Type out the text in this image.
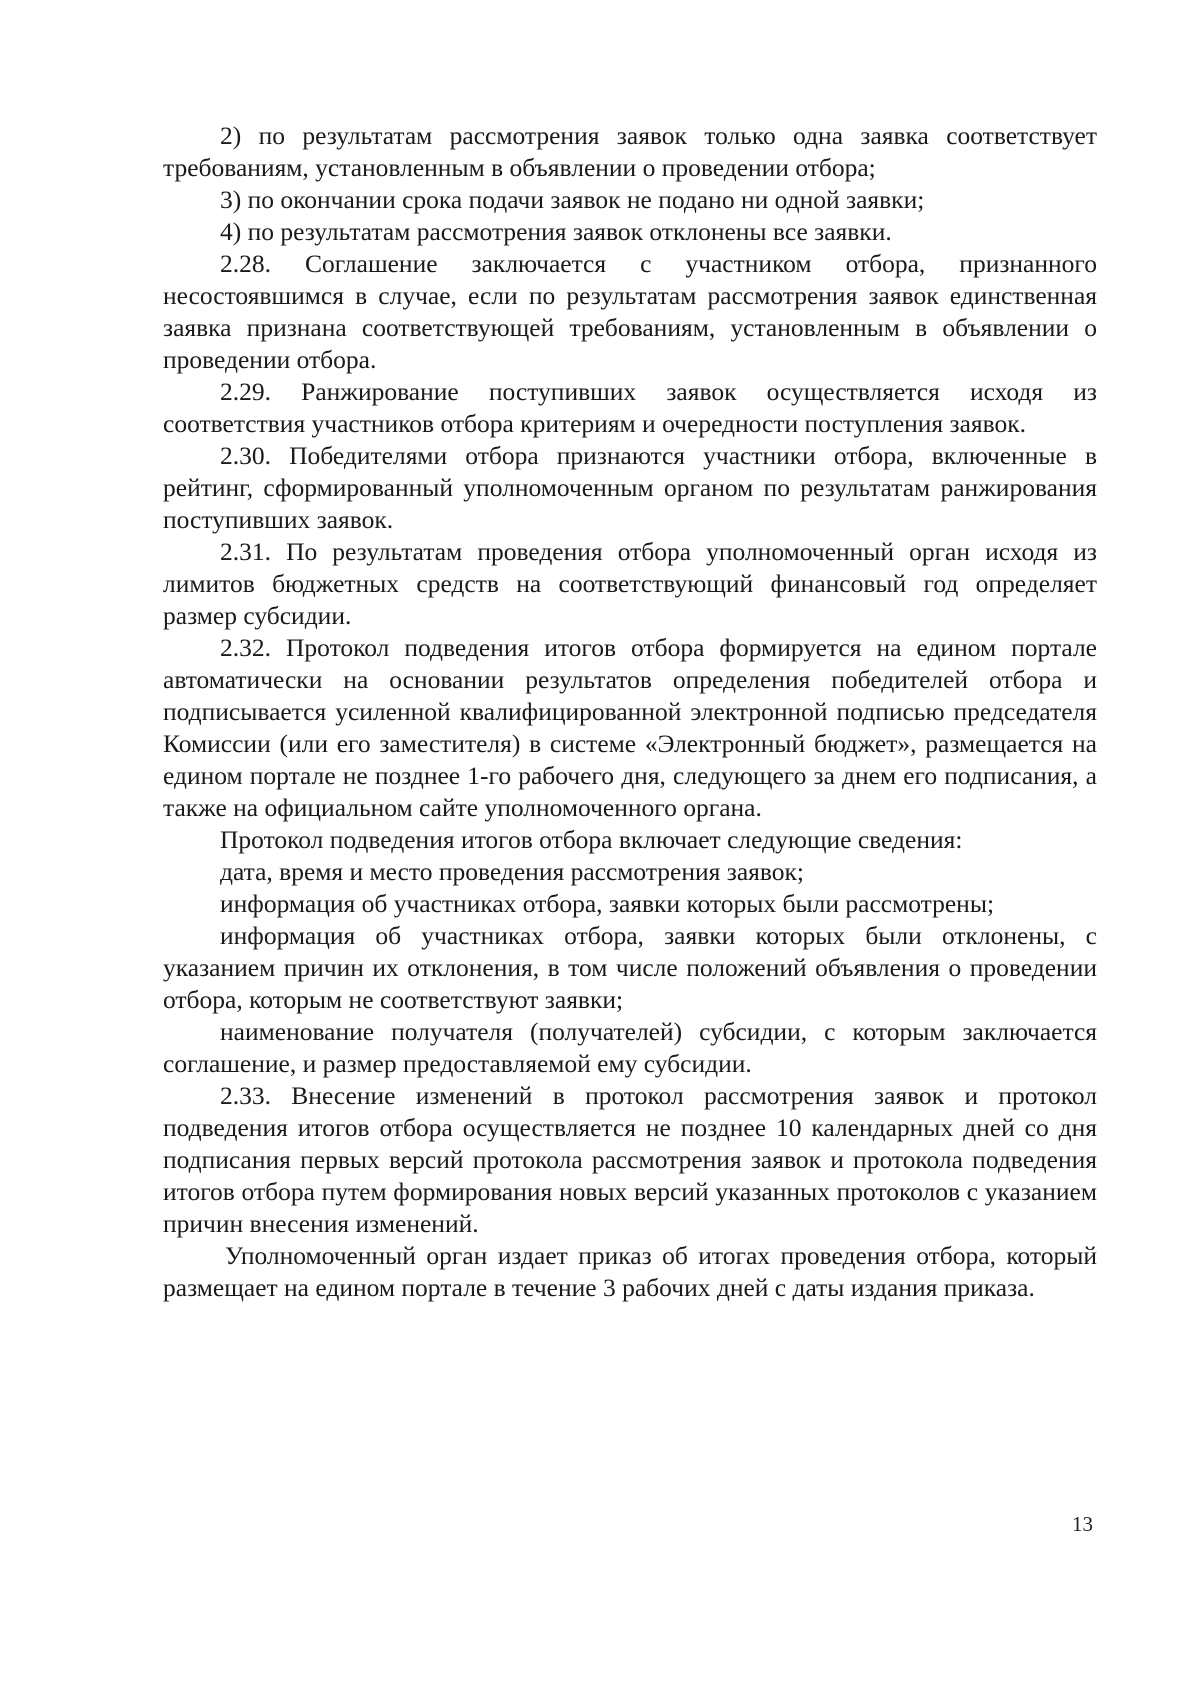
2) по результатам рассмотрения заявок только одна заявка соответствует требованиям, установленным в объявлении о проведении отбора;

3) по окончании срока подачи заявок не подано ни одной заявки;

4) по результатам рассмотрения заявок отклонены все заявки.

2.28. Соглашение заключается с участником отбора, признанного несостоявшимся в случае, если по результатам рассмотрения заявок единственная заявка признана соответствующей требованиям, установленным в объявлении о проведении отбора.

2.29. Ранжирование поступивших заявок осуществляется исходя из соответствия участников отбора критериям и очередности поступления заявок.

2.30. Победителями отбора признаются участники отбора, включенные в рейтинг, сформированный уполномоченным органом по результатам ранжирования поступивших заявок.

2.31. По результатам проведения отбора уполномоченный орган исходя из лимитов бюджетных средств на соответствующий финансовый год определяет размер субсидии.

2.32. Протокол подведения итогов отбора формируется на едином портале автоматически на основании результатов определения победителей отбора и подписывается усиленной квалифицированной электронной подписью председателя Комиссии (или его заместителя) в системе «Электронный бюджет», размещается на едином портале не позднее 1-го рабочего дня, следующего за днем его подписания, а также на официальном сайте уполномоченного органа.

Протокол подведения итогов отбора включает следующие сведения:

дата, время и место проведения рассмотрения заявок;

информация об участниках отбора, заявки которых были рассмотрены;

информация об участниках отбора, заявки которых были отклонены, с указанием причин их отклонения, в том числе положений объявления о проведении отбора, которым не соответствуют заявки;

наименование получателя (получателей) субсидии, с которым заключается соглашение, и размер предоставляемой ему субсидии.

2.33. Внесение изменений в протокол рассмотрения заявок и протокол подведения итогов отбора осуществляется не позднее 10 календарных дней со дня подписания первых версий протокола рассмотрения заявок и протокола подведения итогов отбора путем формирования новых версий указанных протоколов с указанием причин внесения изменений.

Уполномоченный орган издает приказ об итогах проведения отбора, который размещает на едином портале в течение 3 рабочих дней с даты издания приказа.

13
